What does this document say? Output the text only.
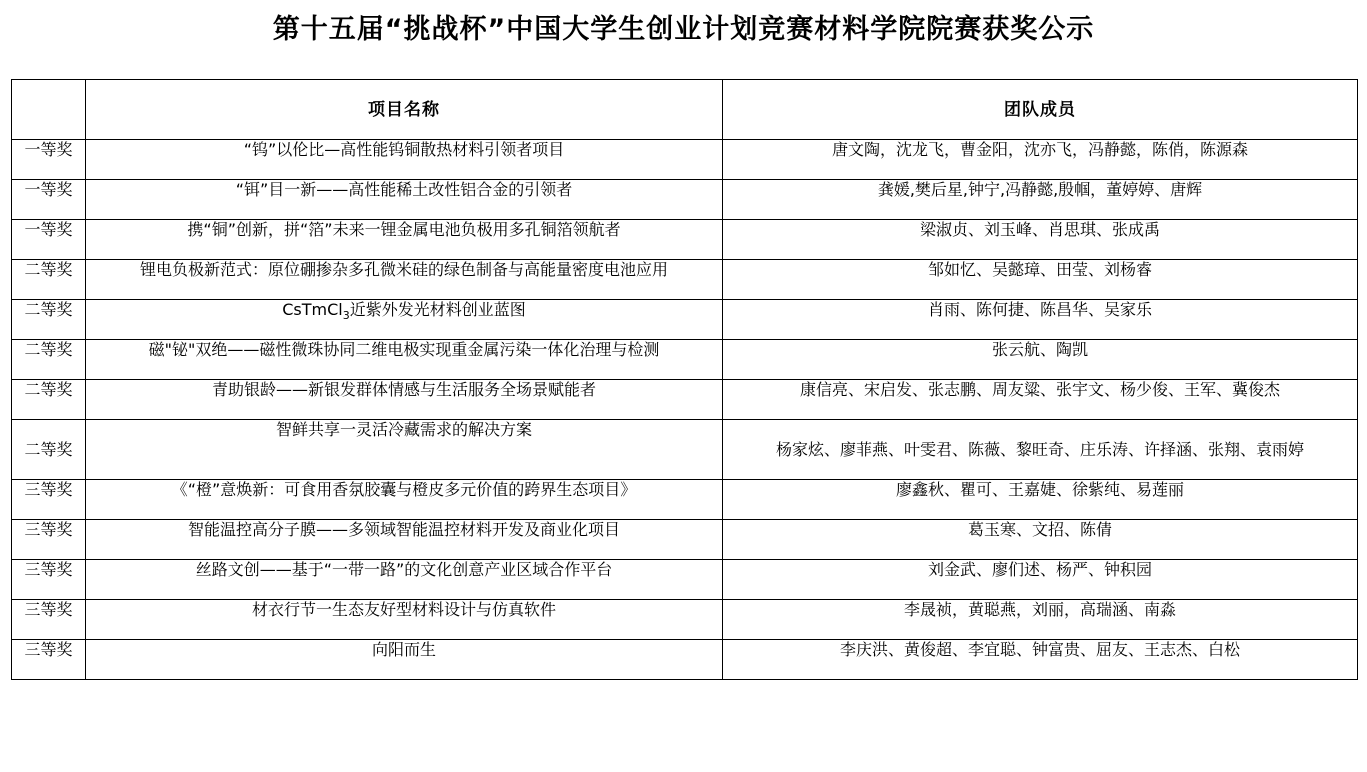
第十五届“挑战杯”中国大学生创业计划竞赛材料学院院赛获奖公示
	项目名称	团队成员
一等奖	“钨”以伦比—高性能钨铜散热材料引领者项目	唐文陶，沈龙飞，曹金阳，沈亦飞，冯静懿，陈俏，陈源森
一等奖	“铒”目一新——高性能稀土改性铝合金的引领者	龚媛,樊后星,钟宁,冯静懿,殷帼，董婷婷、唐辉
一等奖	携“铜”创新，拼“箔”未来一锂金属电池负极用多孔铜箔领航者	梁淑贞、刘玉峰、肖思琪、张成禹
二等奖	锂电负极新范式：原位硼掺杂多孔微米硅的绿色制备与高能量密度电池应用	邹如忆、吴懿璋、田莹、刘杨睿
二等奖	CsTmCl$_3$近紫外发光材料创业蓝图	肖雨、陈何捷、陈昌华、吴家乐
二等奖	磁"铋"双绝——磁性微珠协同二维电极实现重金属污染一体化治理与检测	张云航、陶凯
二等奖	青助银龄——新银发群体情感与生活服务全场景赋能者	康信亮、宋启发、张志鹏、周友粱、张宇文、杨少俊、王军、冀俊杰
二等奖	智鲜共享一灵活冷藏需求的解决方案	杨家炫、廖菲燕、叶雯君、陈薇、黎旺奇、庄乐涛、许择涵、张翔、袁雨婷
三等奖	《“橙”意焕新：可食用香氛胶囊与橙皮多元价值的跨界生态项目》	廖鑫秋、瞿可、王嘉婕、徐紫纯、易莲丽
三等奖	智能温控高分子膜——多领域智能温控材料开发及商业化项目	葛玉寒、文招、陈倩
三等奖	丝路文创——基于“一带一路”的文化创意产业区域合作平台	刘金武、廖们述、杨严、钟积园
三等奖	材衣行节一生态友好型材料设计与仿真软件	李晟祯，黄聪燕，刘丽，高瑞涵、南淼
三等奖	向阳而生	李庆洪、黄俊超、李宜聪、钟富贵、屈友、王志杰、白松
